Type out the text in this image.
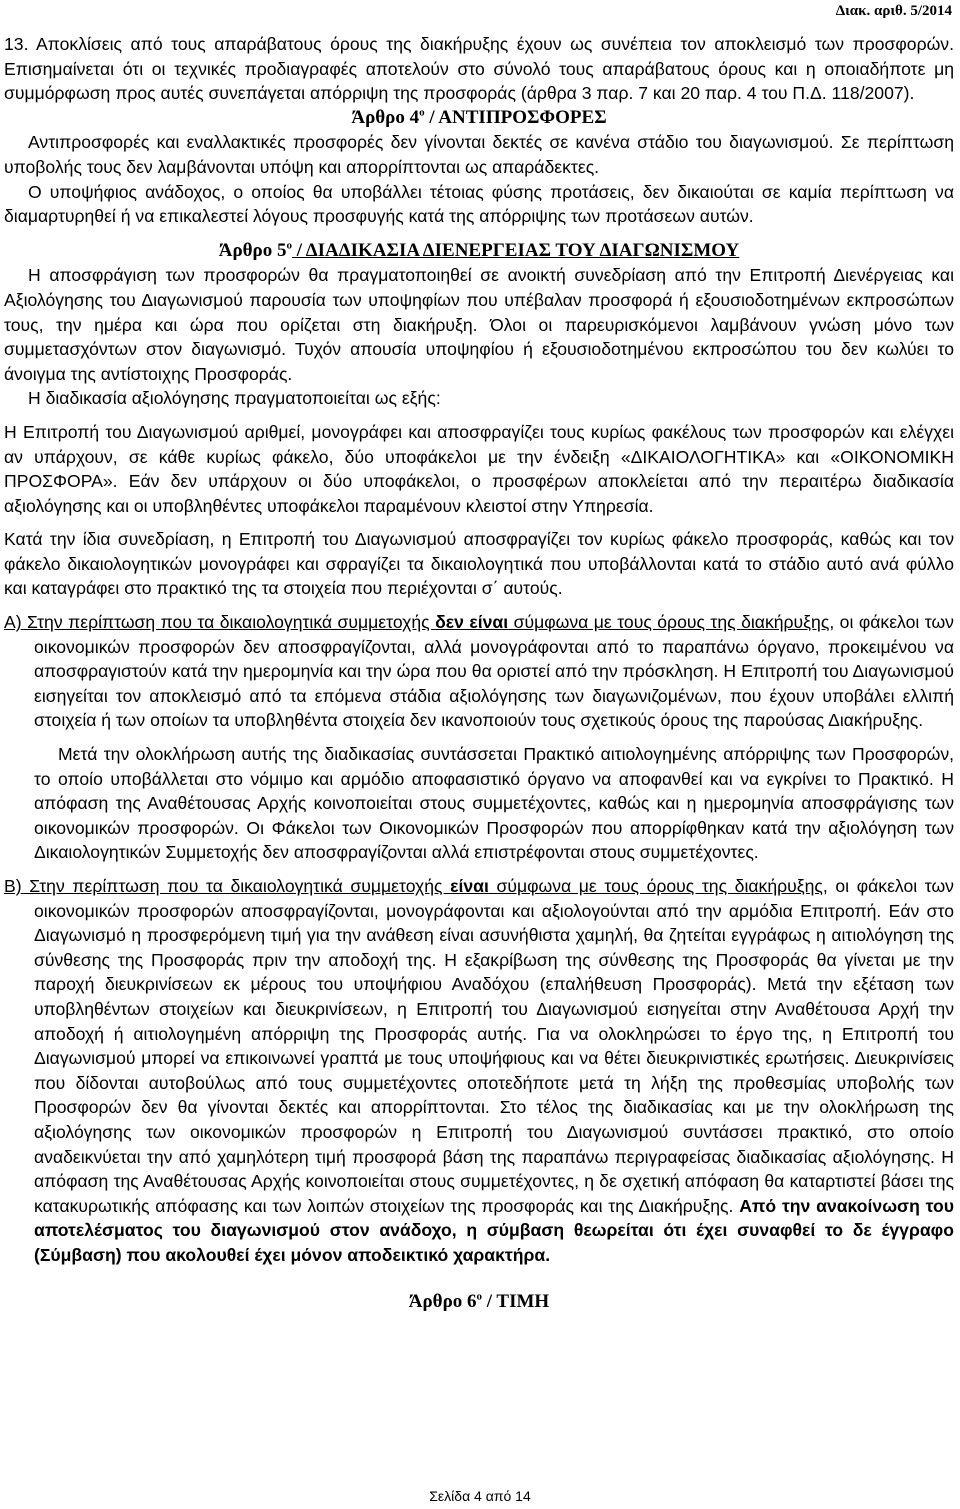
Διακ. αριθ. 5/2014

13. Αποκλίσεις από τους απαράβατους όρους της διακήρυξης έχουν ως συνέπεια τον αποκλεισμό των προσφορών. Επισημαίνεται ότι οι τεχνικές προδιαγραφές αποτελούν στο σύνολό τους απαράβατους όρους και η οποιαδήποτε μη συμμόρφωση προς αυτές συνεπάγεται απόρριψη της προσφοράς (άρθρα 3 παρ. 7 και 20 παρ. 4 του Π.Δ. 118/2007).

Άρθρο $4^o$ / ΑΝΤΙΠΡΟΣΦΟΡΕΣ

Αντιπροσφορές και εναλλακτικές προσφορές δεν γίνονται δεκτές σε κανένα στάδιο του διαγωνισμού. Σε περίπτωση υποβολής τους δεν λαμβάνονται υπόψη και απορρίπτονται ως απαράδεκτες.

Ο υποψήφιος ανάδοχος, ο οποίος θα υποβάλλει τέτοιας φύσης προτάσεις, δεν δικαιούται σε καμία περίπτωση να διαμαρτυρηθεί ή να επικαλεστεί λόγους προσφυγής κατά της απόρριψης των προτάσεων αυτών.

Άρθρο $5^o$ / ΔΙΑΔΙΚΑΣΙΑ ΔΙΕΝΕΡΓΕΙΑΣ ΤΟΥ ΔΙΑΓΩΝΙΣΜΟΥ

Η αποσφράγιση των προσφορών θα πραγματοποιηθεί σε ανοικτή συνεδρίαση από την Επιτροπή Διενέργειας και Αξιολόγησης του Διαγωνισμού παρουσία των υποψηφίων που υπέβαλαν προσφορά ή εξουσιοδοτημένων εκπροσώπων τους, την ημέρα και ώρα που ορίζεται στη διακήρυξη. Όλοι οι παρευρισκόμενοι λαμβάνουν γνώση μόνο των συμμετασχόντων στον διαγωνισμό. Τυχόν απουσία υποψηφίου ή εξουσιοδοτημένου εκπροσώπου του δεν κωλύει το άνοιγμα της αντίστοιχης Προσφοράς.

Η διαδικασία αξιολόγησης πραγματοποιείται ως εξής:

Η Επιτροπή του Διαγωνισμού αριθμεί, μονογράφει και αποσφραγίζει τους κυρίως φακέλους των προσφορών και ελέγχει αν υπάρχουν, σε κάθε κυρίως φάκελο, δύο υποφάκελοι με την ένδειξη «ΔΙΚΑΙΟΛΟΓΗΤΙΚΑ» και «ΟΙΚΟΝΟΜΙΚΗ ΠΡΟΣΦΟΡΑ». Εάν δεν υπάρχουν οι δύο υποφάκελοι, ο προσφέρων αποκλείεται από την περαιτέρω διαδικασία αξιολόγησης και οι υποβληθέντες υποφάκελοι παραμένουν κλειστοί στην Υπηρεσία.

Κατά την ίδια συνεδρίαση, η Επιτροπή του Διαγωνισμού αποσφραγίζει τον κυρίως φάκελο προσφοράς, καθώς και τον φάκελο δικαιολογητικών μονογράφει και σφραγίζει τα δικαιολογητικά που υποβάλλονται κατά το στάδιο αυτό ανά φύλλο και καταγράφει στο πρακτικό της τα στοιχεία που περιέχονται σ΄ αυτούς.

Α) Στην περίπτωση που τα δικαιολογητικά συμμετοχής δεν είναι σύμφωνα με τους όρους της διακήρυξης, οι φάκελοι των οικονομικών προσφορών δεν αποσφραγίζονται, αλλά μονογράφονται από το παραπάνω όργανο, προκειμένου να αποσφραγιστούν κατά την ημερομηνία και την ώρα που θα οριστεί από την πρόσκληση. Η Επιτροπή του Διαγωνισμού εισηγείται τον αποκλεισμό από τα επόμενα στάδια αξιολόγησης των διαγωνιζομένων, που έχουν υποβάλει ελλιπή στοιχεία ή των οποίων τα υποβληθέντα στοιχεία δεν ικανοποιούν τους σχετικούς όρους της παρούσας Διακήρυξης.

Μετά την ολοκλήρωση αυτής της διαδικασίας συντάσσεται Πρακτικό αιτιολογημένης απόρριψης των Προσφορών, το οποίο υποβάλλεται στο νόμιμο και αρμόδιο αποφασιστικό όργανο να αποφανθεί και να εγκρίνει το Πρακτικό. Η απόφαση της Αναθέτουσας Αρχής κοινοποιείται στους συμμετέχοντες, καθώς και η ημερομηνία αποσφράγισης των οικονομικών προσφορών. Οι Φάκελοι των Οικονομικών Προσφορών που απορρίφθηκαν κατά την αξιολόγηση των Δικαιολογητικών Συμμετοχής δεν αποσφραγίζονται αλλά επιστρέφονται στους συμμετέχοντες.

Β) Στην περίπτωση που τα δικαιολογητικά συμμετοχής είναι σύμφωνα με τους όρους της διακήρυξης, οι φάκελοι των οικονομικών προσφορών αποσφραγίζονται, μονογράφονται και αξιολογούνται από την αρμόδια Επιτροπή. Εάν στο Διαγωνισμό η προσφερόμενη τιμή για την ανάθεση είναι ασυνήθιστα χαμηλή, θα ζητείται εγγράφως η αιτιολόγηση της σύνθεσης της Προσφοράς πριν την αποδοχή της. Η εξακρίβωση της σύνθεσης της Προσφοράς θα γίνεται με την παροχή διευκρινίσεων εκ μέρους του υποψήφιου Αναδόχου (επαλήθευση Προσφοράς). Μετά την εξέταση των υποβληθέντων στοιχείων και διευκρινίσεων, η Επιτροπή του Διαγωνισμού εισηγείται στην Αναθέτουσα Αρχή την αποδοχή ή αιτιολογημένη απόρριψη της Προσφοράς αυτής. Για να ολοκληρώσει το έργο της, η Επιτροπή του Διαγωνισμού μπορεί να επικοινωνεί γραπτά με τους υποψήφιους και να θέτει διευκρινιστικές ερωτήσεις. Διευκρινίσεις που δίδονται αυτοβούλως από τους συμμετέχοντες οποτεδήποτε μετά τη λήξη της προθεσμίας υποβολής των Προσφορών δεν θα γίνονται δεκτές και απορρίπτονται. Στο τέλος της διαδικασίας και με την ολοκλήρωση της αξιολόγησης των οικονομικών προσφορών η Επιτροπή του Διαγωνισμού συντάσσει πρακτικό, στο οποίο αναδεικνύεται την από χαμηλότερη τιμή προσφορά βάση της παραπάνω περιγραφείσας διαδικασίας αξιολόγησης. Η απόφαση της Αναθέτουσας Αρχής κοινοποιείται στους συμμετέχοντες, η δε σχετική απόφαση θα καταρτιστεί βάσει της κατακυρωτικής απόφασης και των λοιπών στοιχείων της προσφοράς και της Διακήρυξης. Από την ανακοίνωση του αποτελέσματος του διαγωνισμού στον ανάδοχο, η σύμβαση θεωρείται ότι έχει συναφθεί το δε έγγραφο (Σύμβαση) που ακολουθεί έχει μόνον αποδεικτικό χαρακτήρα.

Άρθρο $6^o$ / ΤΙΜΗ

Σελίδα 4 από 14
